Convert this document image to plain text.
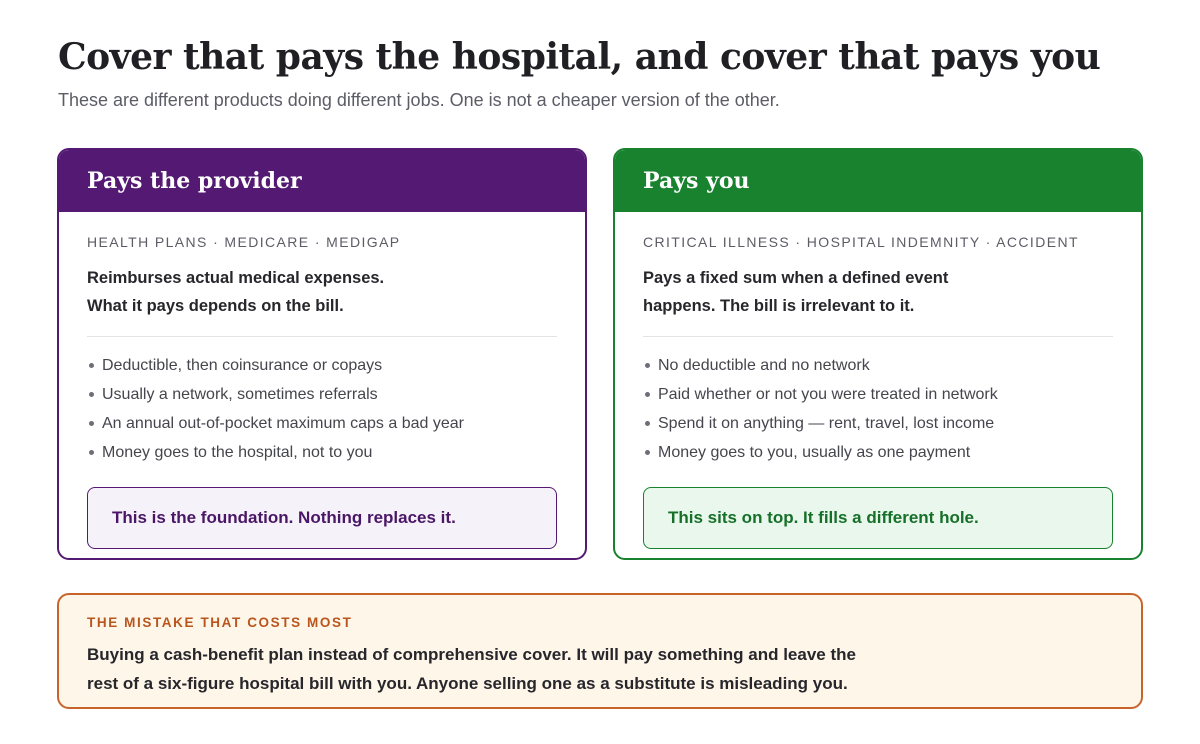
Cover that pays the hospital, and cover that pays you

These are different products doing different jobs. One is not a cheaper version of the other.

Pays the provider
HEALTH PLANS · MEDICARE · MEDIGAP
Reimburses actual medical expenses.
What it pays depends on the bill.
Deductible, then coinsurance or copays
Usually a network, sometimes referrals
An annual out-of-pocket maximum caps a bad year
Money goes to the hospital, not to you
This is the foundation. Nothing replaces it.
Pays you
CRITICAL ILLNESS · HOSPITAL INDEMNITY · ACCIDENT
Pays a fixed sum when a defined event
happens. The bill is irrelevant to it.
No deductible and no network
Paid whether or not you were treated in network
Spend it on anything — rent, travel, lost income
Money goes to you, usually as one payment
This sits on top. It fills a different hole.
THE MISTAKE THAT COSTS MOST
Buying a cash-benefit plan instead of comprehensive cover. It will pay something and leave the
rest of a six-figure hospital bill with you. Anyone selling one as a substitute is misleading you.
